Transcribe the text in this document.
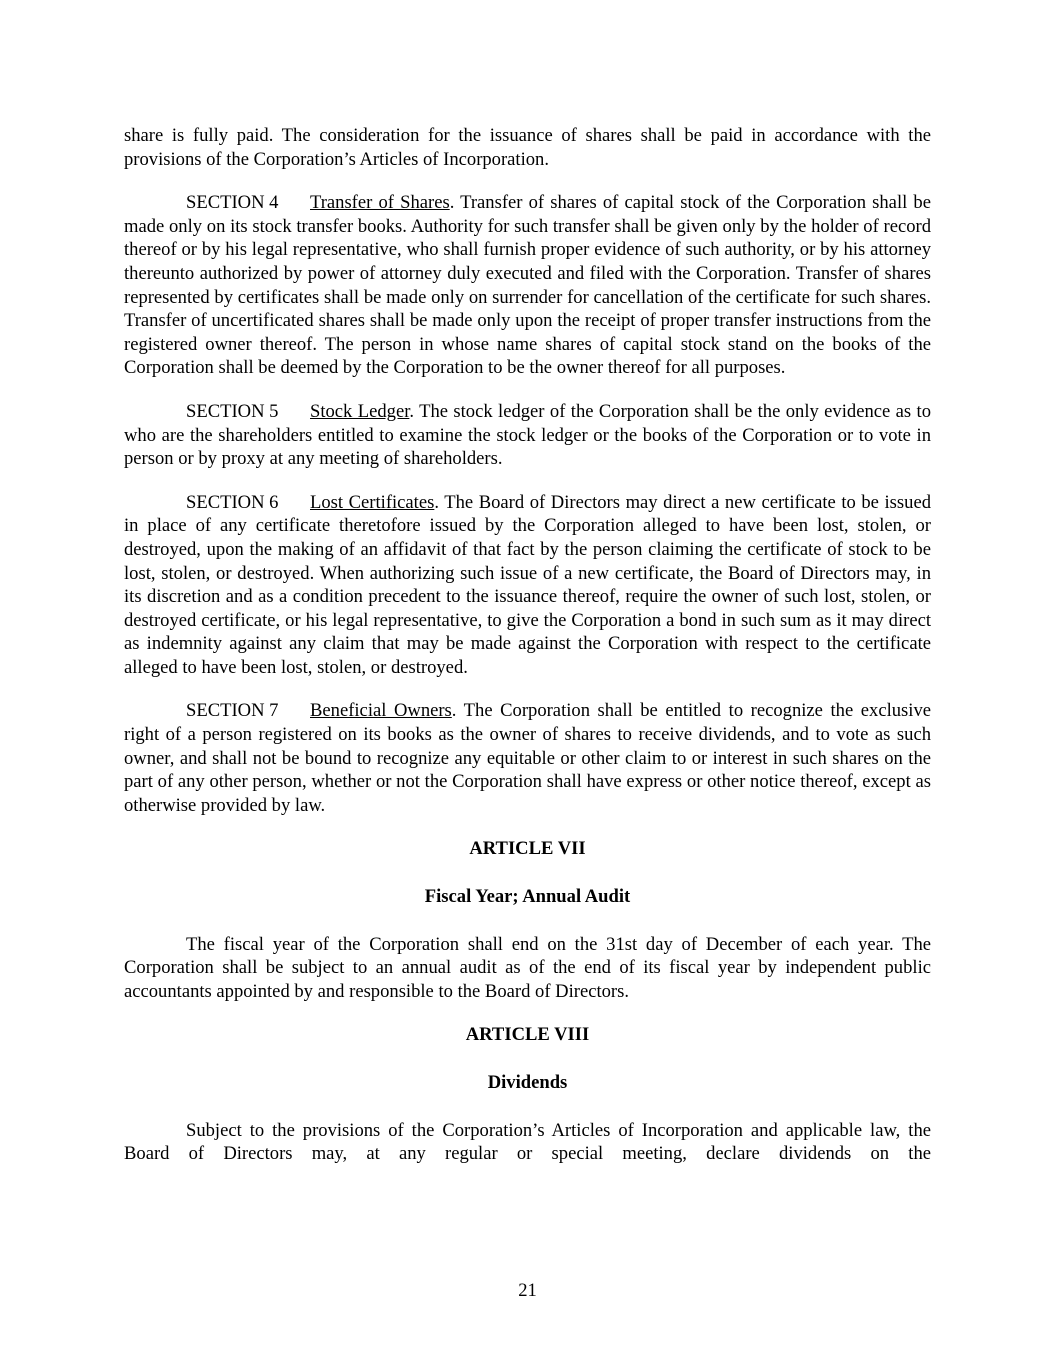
share is fully paid. The consideration for the issuance of shares shall be paid in accordance with the provisions of the Corporation’s Articles of Incorporation.

SECTION 4 Transfer of Shares. Transfer of shares of capital stock of the Corporation shall be made only on its stock transfer books. Authority for such transfer shall be given only by the holder of record thereof or by his legal representative, who shall furnish proper evidence of such authority, or by his attorney thereunto authorized by power of attorney duly executed and filed with the Corporation. Transfer of shares represented by certificates shall be made only on surrender for cancellation of the certificate for such shares. Transfer of uncertificated shares shall be made only upon the receipt of proper transfer instructions from the registered owner thereof. The person in whose name shares of capital stock stand on the books of the Corporation shall be deemed by the Corporation to be the owner thereof for all purposes.

SECTION 5 Stock Ledger. The stock ledger of the Corporation shall be the only evidence as to who are the shareholders entitled to examine the stock ledger or the books of the Corporation or to vote in person or by proxy at any meeting of shareholders.

SECTION 6 Lost Certificates. The Board of Directors may direct a new certificate to be issued in place of any certificate theretofore issued by the Corporation alleged to have been lost, stolen, or destroyed, upon the making of an affidavit of that fact by the person claiming the certificate of stock to be lost, stolen, or destroyed. When authorizing such issue of a new certificate, the Board of Directors may, in its discretion and as a condition precedent to the issuance thereof, require the owner of such lost, stolen, or destroyed certificate, or his legal representative, to give the Corporation a bond in such sum as it may direct as indemnity against any claim that may be made against the Corporation with respect to the certificate alleged to have been lost, stolen, or destroyed.

SECTION 7 Beneficial Owners. The Corporation shall be entitled to recognize the exclusive right of a person registered on its books as the owner of shares to receive dividends, and to vote as such owner, and shall not be bound to recognize any equitable or other claim to or interest in such shares on the part of any other person, whether or not the Corporation shall have express or other notice thereof, except as otherwise provided by law.

ARTICLE VII
Fiscal Year; Annual Audit

The fiscal year of the Corporation shall end on the 31st day of December of each year. The Corporation shall be subject to an annual audit as of the end of its fiscal year by independent public accountants appointed by and responsible to the Board of Directors.

ARTICLE VIII
Dividends

Subject to the provisions of the Corporation’s Articles of Incorporation and applicable law, the Board of Directors may, at any regular or special meeting, declare dividends on the

21
